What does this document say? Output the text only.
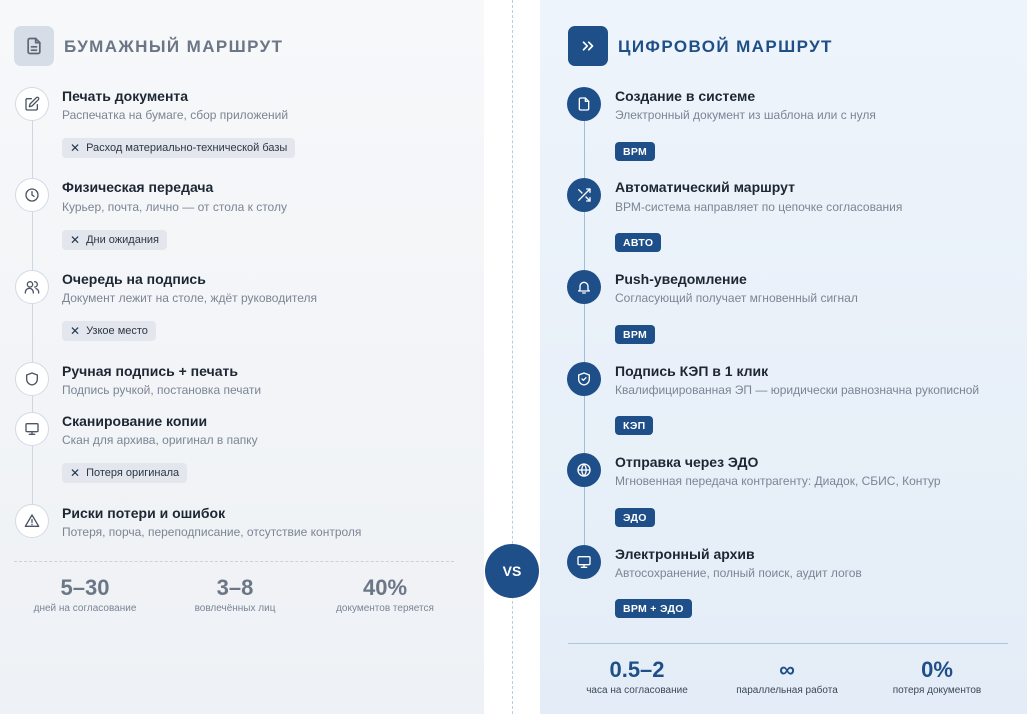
БУМАЖНЫЙ МАРШРУТ	ЦИФРОВОЙ МАРШРУТ
Печать документа
Распечатка на бумаге, сбор приложений
✕ Расход материально-технической базы
Физическая передача
Курьер, почта, лично — от стола к столу
✕ Дни ожидания
Очередь на подпись
Документ лежит на столе, ждёт руководителя
✕ Узкое место
Ручная подпись + печать
Подпись ручкой, постановка печати
Сканирование копии
Скан для архива, оригинал в папку
✕ Потеря оригинала
Риски потери и ошибок
Потеря, порча, переподписание, отсутствие контроля
5–30
дней на согласование
3–8
вовлечённых лиц
40%
документов теряется
Создание в системе
Электронный документ из шаблона или с нуля
ВРМ
Автоматический маршрут
ВРМ-система направляет по цепочке согласования
АВТО
Push-уведомление
Согласующий получает мгновенный сигнал
ВРМ
Подпись КЭП в 1 клик
Квалифицированная ЭП — юридически равнозначна рукописной
КЭП
Отправка через ЭДО
Мгновенная передача контрагенту: Диадок, СБИС, Контур
ЭДО
Электронный архив
Автосохранение, полный поиск, аудит логов
ВРМ + ЭДО
0.5–2
часа на согласование
∞
параллельная работа
0%
потеря документов
VS
